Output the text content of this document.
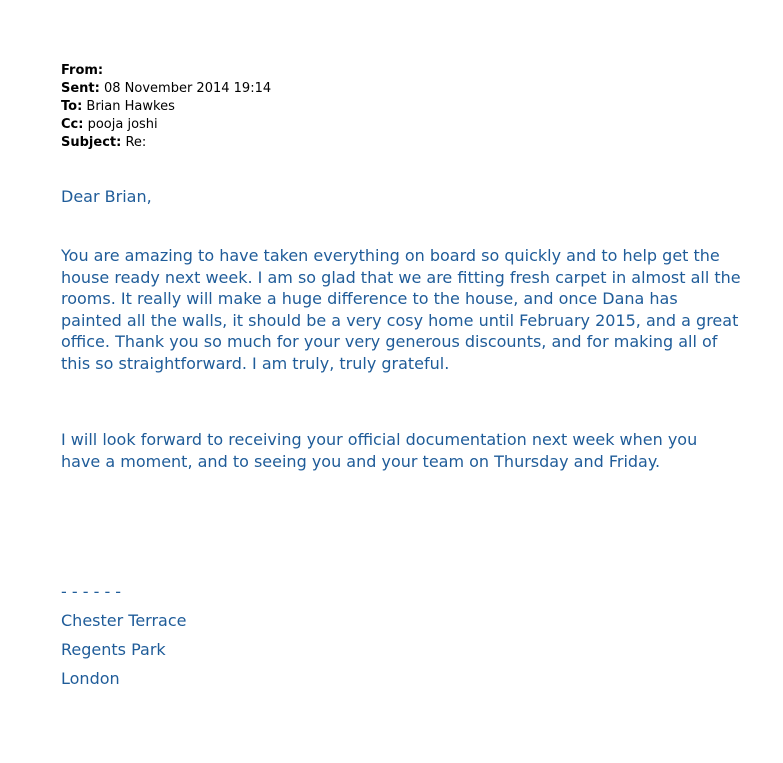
From:
Sent: 08 November 2014 19:14
To: Brian Hawkes
Cc: pooja joshi
Subject: Re:
Dear Brian,
You are amazing to have taken everything on board so quickly and to help get the house ready next week. I am so glad that we are fitting fresh carpet in almost all the rooms. It really will make a huge difference to the house, and once Dana has painted all the walls, it should be a very cosy home until February 2015, and a great office. Thank you so much for your very generous discounts, and for making all of this so straightforward. I am truly, truly grateful.
I will look forward to receiving your official documentation next week when you have a moment, and to seeing you and your team on Thursday and Friday.
- - - - - -
Chester Terrace
Regents Park
London
